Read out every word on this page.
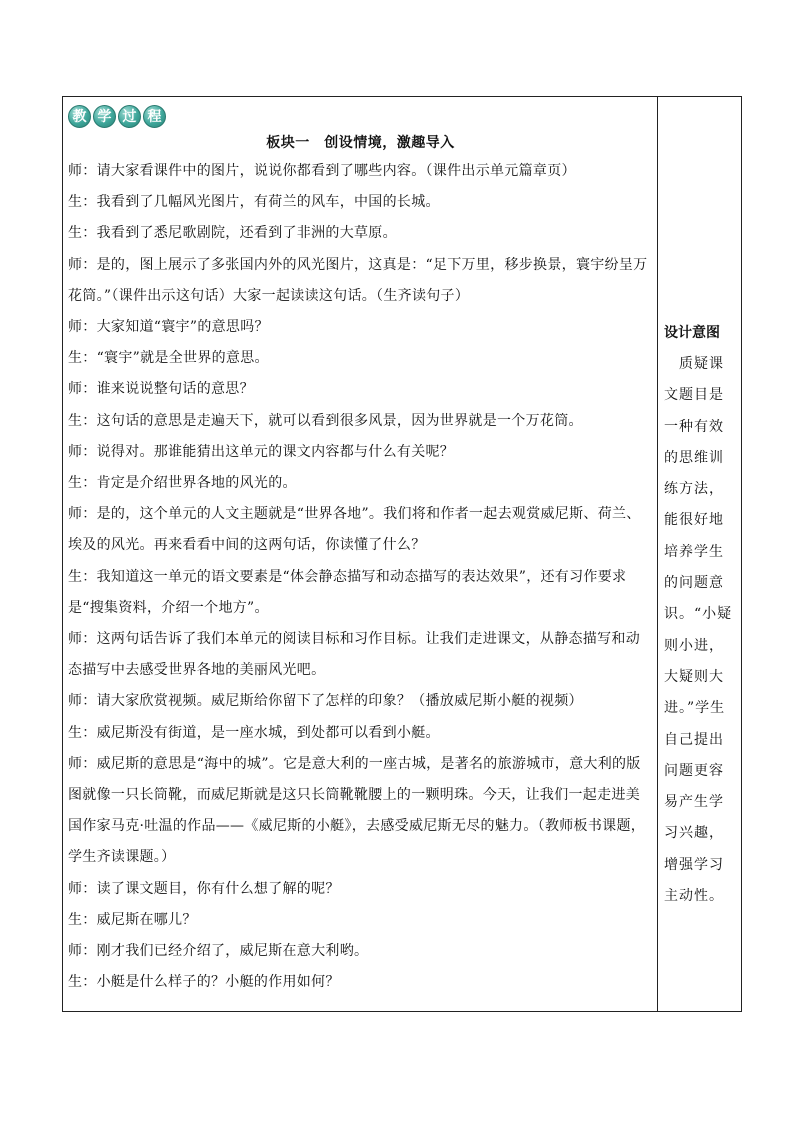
教 学 过 程
板块一　创设情境，激趣导入

师：请大家看课件中的图片，说说你都看到了哪些内容。（课件出示单元篇章页）

生：我看到了几幅风光图片，有荷兰的风车，中国的长城。

生：我看到了悉尼歌剧院，还看到了非洲的大草原。

师：是的，图上展示了多张国内外的风光图片，这真是：“足下万里，移步换景，寰宇纷呈万花筒。”（课件出示这句话）大家一起读读这句话。（生齐读句子）

师：大家知道“寰宇”的意思吗？

生：“寰宇”就是全世界的意思。

师：谁来说说整句话的意思？

生：这句话的意思是走遍天下，就可以看到很多风景，因为世界就是一个万花筒。

师：说得对。那谁能猜出这单元的课文内容都与什么有关呢？

生：肯定是介绍世界各地的风光的。

师：是的，这个单元的人文主题就是“世界各地”。我们将和作者一起去观赏威尼斯、荷兰、埃及的风光。再来看看中间的这两句话，你读懂了什么？

生：我知道这一单元的语文要素是“体会静态描写和动态描写的表达效果”，还有习作要求是“搜集资料，介绍一个地方”。

师：这两句话告诉了我们本单元的阅读目标和习作目标。让我们走进课文，从静态描写和动态描写中去感受世界各地的美丽风光吧。

师：请大家欣赏视频。威尼斯给你留下了怎样的印象？（播放威尼斯小艇的视频）

生：威尼斯没有街道，是一座水城，到处都可以看到小艇。

师：威尼斯的意思是“海中的城”。它是意大利的一座古城，是著名的旅游城市，意大利的版图就像一只长筒靴，而威尼斯就是这只长筒靴靴腰上的一颗明珠。今天，让我们一起走进美国作家马克·吐温的作品——《威尼斯的小艇》，去感受威尼斯无尽的魅力。（教师板书课题，学生齐读课题。）

师：读了课文题目，你有什么想了解的呢？

生：威尼斯在哪儿？

师：刚才我们已经介绍了，威尼斯在意大利哟。

生：小艇是什么样子的？小艇的作用如何？

设计意图
　质疑课文题目是一种有效的思维训练方法，能很好地培养学生的问题意识。“小疑则小进，大疑则大进。”学生自己提出问题更容易产生学习兴趣，增强学习主动性。
